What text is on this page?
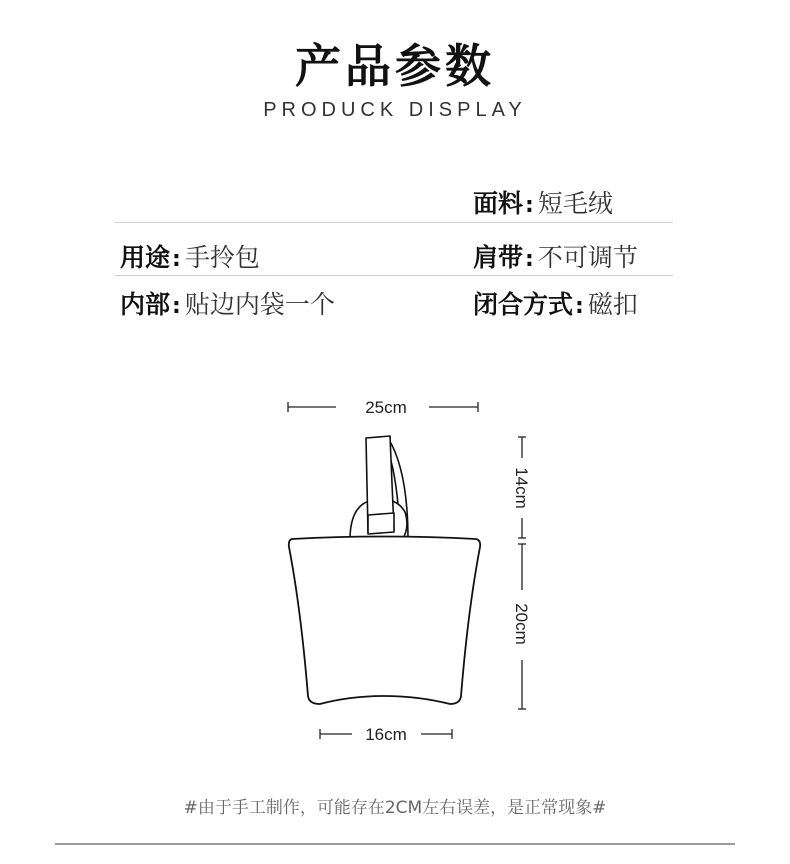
产品参数
PRODUCK DISPLAY
面料: 短毛绒
用途: 手拎包	肩带: 不可调节
内部: 贴边内袋一个	闭合方式: 磁扣
25cm
14cm
20cm
16cm
#由于手工制作，可能存在2CM左右误差，是正常现象#
